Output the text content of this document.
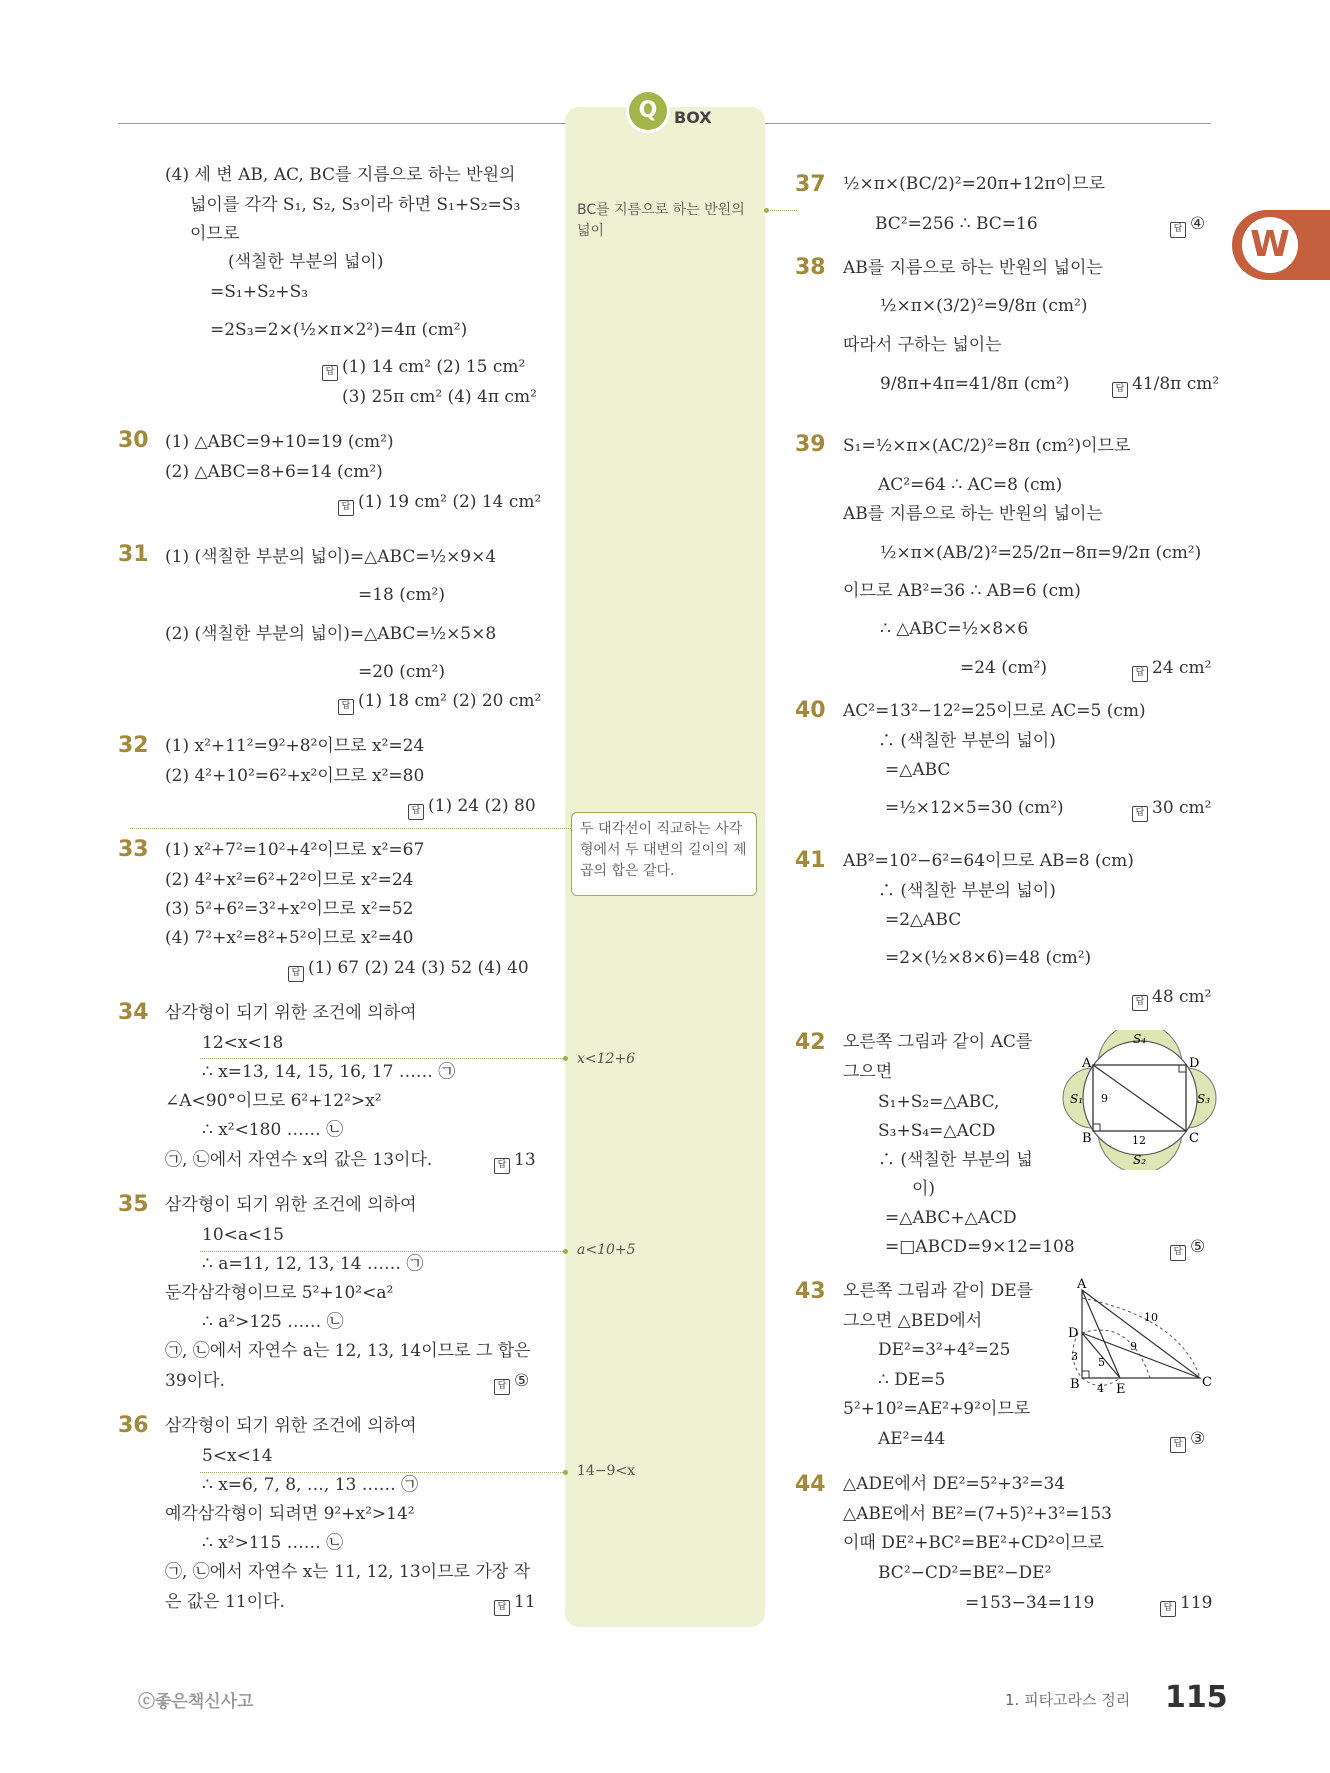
Q	BOX
W
BC를 지름으로 하는 반원의 넓이
두 대각선이 직교하는 사각형에서 두 대변의 길이의 제곱의 합은 같다.
x<12+6
a<10+5
14−9<x
(4) 세 변 AB, AC, BC를 지름으로 하는 반원의
넓이를 각각 S₁, S₂, S₃이라 하면 S₁+S₂=S₃
이므로
(색칠한 부분의 넓이)
=S₁+S₂+S₃
=2S₃=2×(½×π×2²)=4π (cm²)
답 (1) 14 cm² (2) 15 cm²
(3) 25π cm² (4) 4π cm²
30 (1) △ABC=9+10=19 (cm²)
(2) △ABC=8+6=14 (cm²)
답 (1) 19 cm² (2) 14 cm²
31 (1) (색칠한 부분의 넓이)=△ABC=½×9×4
=18 (cm²)
(2) (색칠한 부분의 넓이)=△ABC=½×5×8
=20 (cm²)
답 (1) 18 cm² (2) 20 cm²
32 (1) x²+11²=9²+8²이므로 x²=24
(2) 4²+10²=6²+x²이므로 x²=80
답 (1) 24 (2) 80
33 (1) x²+7²=10²+4²이므로 x²=67
(2) 4²+x²=6²+2²이므로 x²=24
(3) 5²+6²=3²+x²이므로 x²=52
(4) 7²+x²=8²+5²이므로 x²=40
답 (1) 67 (2) 24 (3) 52 (4) 40
34 삼각형이 되기 위한 조건에 의하여
12<x<18
∴ x=13, 14, 15, 16, 17 …… ㉠
∠A<90°이므로 6²+12²>x²
∴ x²<180 …… ㉡
㉠, ㉡에서 자연수 x의 값은 13이다.	답 13
35 삼각형이 되기 위한 조건에 의하여
10<a<15
∴ a=11, 12, 13, 14 …… ㉠
둔각삼각형이므로 5²+10²<a²
∴ a²>125 …… ㉡
㉠, ㉡에서 자연수 a는 12, 13, 14이므로 그 합은
39이다.	답 ⑤
36 삼각형이 되기 위한 조건에 의하여
5<x<14
∴ x=6, 7, 8, …, 13 …… ㉠
예각삼각형이 되려면 9²+x²>14²
∴ x²>115 …… ㉡
㉠, ㉡에서 자연수 x는 11, 12, 13이므로 가장 작
은 값은 11이다.	답 11
37 ½×π×(BC/2)²=20π+12π이므로
BC²=256 ∴ BC=16	답 ④
38 AB를 지름으로 하는 반원의 넓이는
½×π×(3/2)²=9/8π (cm²)
따라서 구하는 넓이는
9/8π+4π=41/8π (cm²)	답 41/8π cm²
39 S₁=½×π×(AC/2)²=8π (cm²)이므로
AC²=64 ∴ AC=8 (cm)
AB를 지름으로 하는 반원의 넓이는
½×π×(AB/2)²=25/2π−8π=9/2π (cm²)
이므로 AB²=36 ∴ AB=6 (cm)
∴ △ABC=½×8×6
=24 (cm²)	답 24 cm²
40 AC²=13²−12²=25이므로 AC=5 (cm)
∴ (색칠한 부분의 넓이)
=△ABC
=½×12×5=30 (cm²)	답 30 cm²
41 AB²=10²−6²=64이므로 AB=8 (cm)
∴ (색칠한 부분의 넓이)
=2△ABC
=2×(½×8×6)=48 (cm²)
답 48 cm²
42 오른쪽 그림과 같이 AC를
그으면
S₁+S₂=△ABC,
S₃+S₄=△ACD
∴ (색칠한 부분의 넓
이)
=△ABC+△ACD
=□ABCD=9×12=108	답 ⑤
A	D
B	C
S₄
S₂
S₁	S₃
9
12
43 오른쪽 그림과 같이 DE를
그으면 △BED에서
DE²=3²+4²=25
∴ DE=5
5²+10²=AE²+9²이므로
AE²=44	답 ③
A
D
B	E	C
10
9
5
3
4
44 △ADE에서 DE²=5²+3²=34
△ABE에서 BE²=(7+5)²+3²=153
이때 DE²+BC²=BE²+CD²이므로
BC²−CD²=BE²−DE²
=153−34=119	답 119
ⓒ좋은책신사고	1. 피타고라스 정리 115
